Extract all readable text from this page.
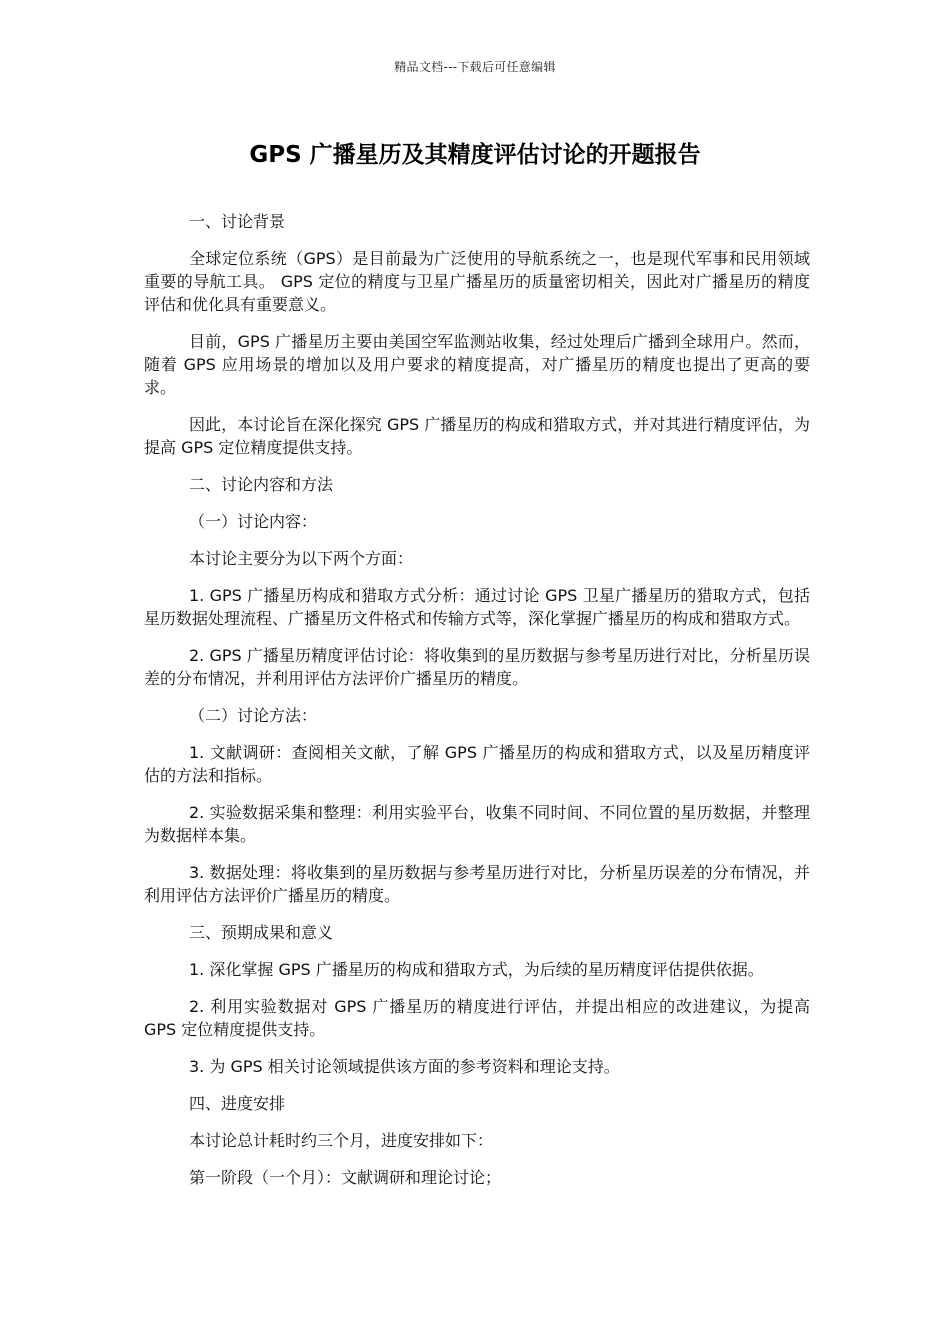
精品文档---下载后可任意编辑
GPS 广播星历及其精度评估讨论的开题报告

一、讨论背景

全球定位系统（GPS）是目前最为广泛使用的导航系统之一，也是现代军事和民用领域重要的导航工具。 GPS 定位的精度与卫星广播星历的质量密切相关，因此对广播星历的精度评估和优化具有重要意义。

目前，GPS 广播星历主要由美国空军监测站收集，经过处理后广播到全球用户。然而，随着 GPS 应用场景的增加以及用户要求的精度提高，对广播星历的精度也提出了更高的要求。

因此，本讨论旨在深化探究 GPS 广播星历的构成和猎取方式，并对其进行精度评估，为提高 GPS 定位精度提供支持。

二、讨论内容和方法

（一）讨论内容：

本讨论主要分为以下两个方面：

1. GPS 广播星历构成和猎取方式分析：通过讨论 GPS 卫星广播星历的猎取方式，包括星历数据处理流程、广播星历文件格式和传输方式等，深化掌握广播星历的构成和猎取方式。

2. GPS 广播星历精度评估讨论：将收集到的星历数据与参考星历进行对比，分析星历误差的分布情况，并利用评估方法评价广播星历的精度。

（二）讨论方法：

1. 文献调研：查阅相关文献，了解 GPS 广播星历的构成和猎取方式，以及星历精度评估的方法和指标。

2. 实验数据采集和整理：利用实验平台，收集不同时间、不同位置的星历数据，并整理为数据样本集。

3. 数据处理：将收集到的星历数据与参考星历进行对比，分析星历误差的分布情况，并利用评估方法评价广播星历的精度。

三、预期成果和意义

1. 深化掌握 GPS 广播星历的构成和猎取方式，为后续的星历精度评估提供依据。

2. 利用实验数据对 GPS 广播星历的精度进行评估，并提出相应的改进建议，为提高 GPS 定位精度提供支持。

3. 为 GPS 相关讨论领域提供该方面的参考资料和理论支持。

四、进度安排

本讨论总计耗时约三个月，进度安排如下：

第一阶段（一个月）：文献调研和理论讨论；
